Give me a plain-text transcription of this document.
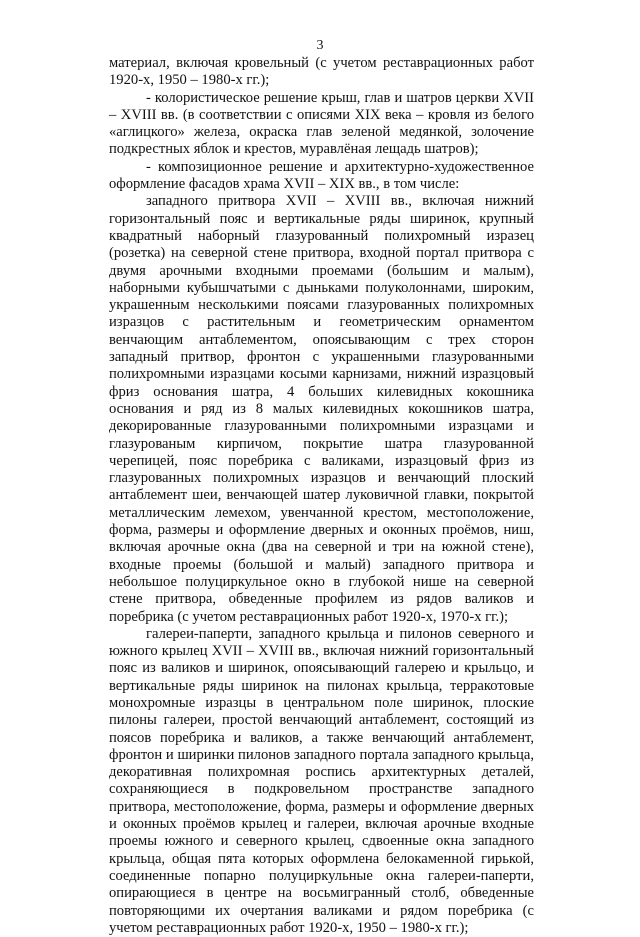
3

материал, включая кровельный (с учетом реставрационных работ 1920-х, 1950 – 1980-х гг.);

- колористическое решение крыш, глав и шатров церкви XVII – XVIII вв. (в соответствии с описями XIX века – кровля из белого «аглицкого» железа, окраска глав зеленой медянкой, золочение подкрестных яблок и крестов, муравлёная лещадь шатров);

- композиционное решение и архитектурно-художественное оформление фасадов храма XVII – XIX вв., в том числе:

западного притвора XVII – XVIII вв., включая нижний горизонтальный пояс и вертикальные ряды ширинок, крупный квадратный наборный глазурованный полихромный изразец (розетка) на северной стене притвора, входной портал притвора с двумя арочными входными проемами (большим и малым), наборными кубышчатыми с дыньками полуколоннами, широким, украшенным несколькими поясами глазурованных полихромных изразцов с растительным и геометрическим орнаментом венчающим антаблементом, опоясывающим с трех сторон западный притвор, фронтон с украшенными глазурованными полихромными изразцами косыми карнизами, нижний изразцовый фриз основания шатра, 4 больших килевидных кокошника основания и ряд из 8 малых килевидных кокошников шатра, декорированные глазурованными полихромными изразцами и глазурованым кирпичом, покрытие шатра глазурованной черепицей, пояс поребрика с валиками, изразцовый фриз из глазурованных полихромных изразцов и венчающий плоский антаблемент шеи, венчающей шатер луковичной главки, покрытой металлическим лемехом, увенчанной крестом, местоположение, форма, размеры и оформление дверных и оконных проёмов, ниш, включая арочные окна (два на северной и три на южной стене), входные проемы (большой и малый) западного притвора и небольшое полуциркульное окно в глубокой нише на северной стене притвора, обведенные профилем из рядов валиков и поребрика (с учетом реставрационных работ 1920-х, 1970-х гг.);

галереи-паперти, западного крыльца и пилонов северного и южного крылец XVII – XVIII вв., включая нижний горизонтальный пояс из валиков и ширинок, опоясывающий галерею и крыльцо, и вертикальные ряды ширинок на пилонах крыльца, терракотовые монохромные изразцы в центральном поле ширинок, плоские пилоны галереи, простой венчающий антаблемент, состоящий из поясов поребрика и валиков, а также венчающий антаблемент, фронтон и ширинки пилонов западного портала западного крыльца, декоративная полихромная роспись архитектурных деталей, сохраняющиеся в подкровельном пространстве западного притвора, местоположение, форма, размеры и оформление дверных и оконных проёмов крылец и галереи, включая арочные входные проемы южного и северного крылец, сдвоенные окна западного крыльца, общая пята которых оформлена белокаменной гирькой, соединенные попарно полуциркульные окна галереи-паперти, опирающиеся в центре на восьмигранный столб, обведенные повторяющими их очертания валиками и рядом поребрика (с учетом реставрационных работ 1920-х, 1950 – 1980-х гг.);
